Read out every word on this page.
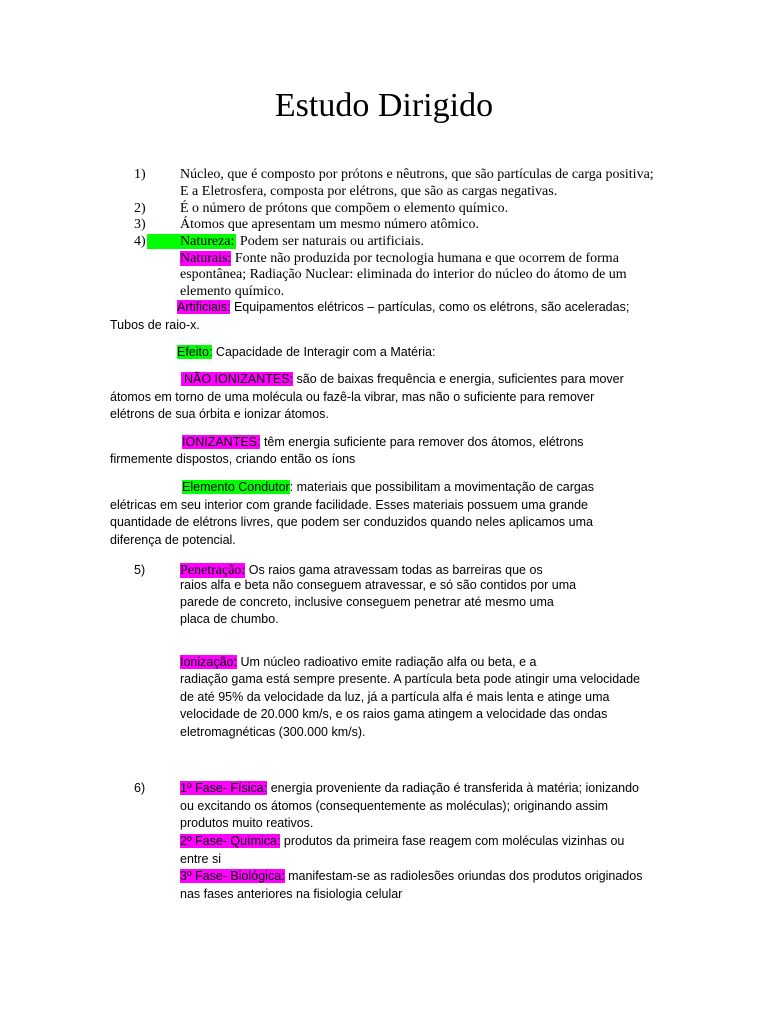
Estudo Dirigido
1) Núcleo, que é composto por prótons e nêutrons, que são partículas de carga positiva;
E a Eletrosfera, composta por elétrons, que são as cargas negativas.
2) É o número de prótons que compõem o elemento químico.
3) Átomos que apresentam um mesmo número atômico.
4)	Natureza: Podem ser naturais ou artificiais.
Naturais: Fonte não produzida por tecnologia humana e que ocorrem de forma
espontânea; Radiação Nuclear: eliminada do interior do núcleo do átomo de um
elemento químico.
Artificiais: Equipamentos elétricos – partículas, como os elétrons, são aceleradas;
Tubos de raio-x.
Efeito: Capacidade de Interagir com a Matéria:
NÃO IONIZANTES: são de baixas frequência e energia, suficientes para mover
átomos em torno de uma molécula ou fazê-la vibrar, mas não o suficiente para remover
elétrons de sua órbita e ionizar átomos.
IONIZANTES: têm energia suficiente para remover dos átomos, elétrons
firmemente dispostos, criando então os íons
Elemento Condutor: materiais que possibilitam a movimentação de cargas
elétricas em seu interior com grande facilidade. Esses materiais possuem uma grande
quantidade de elétrons livres, que podem ser conduzidos quando neles aplicamos uma
diferença de potencial.
5) Penetração: Os raios gama atravessam todas as barreiras que os
raios alfa e beta não conseguem atravessar, e só são contidos por uma
parede de concreto, inclusive conseguem penetrar até mesmo uma
placa de chumbo.
Ionização: Um núcleo radioativo emite radiação alfa ou beta, e a
radiação gama está sempre presente. A partícula beta pode atingir uma velocidade
de até 95% da velocidade da luz, já a partícula alfa é mais lenta e atinge uma
velocidade de 20.000 km/s, e os raios gama atingem a velocidade das ondas
eletromagnéticas (300.000 km/s).
6)	1º Fase- Física: energia proveniente da radiação é transferida à matéria; ionizando
ou excitando os átomos (consequentemente as moléculas); originando assim
produtos muito reativos.
2º Fase- Química: produtos da primeira fase reagem com moléculas vizinhas ou
entre si
3º Fase- Biológica: manifestam-se as radiolesões oriundas dos produtos originados
nas fases anteriores na fisiologia celular
